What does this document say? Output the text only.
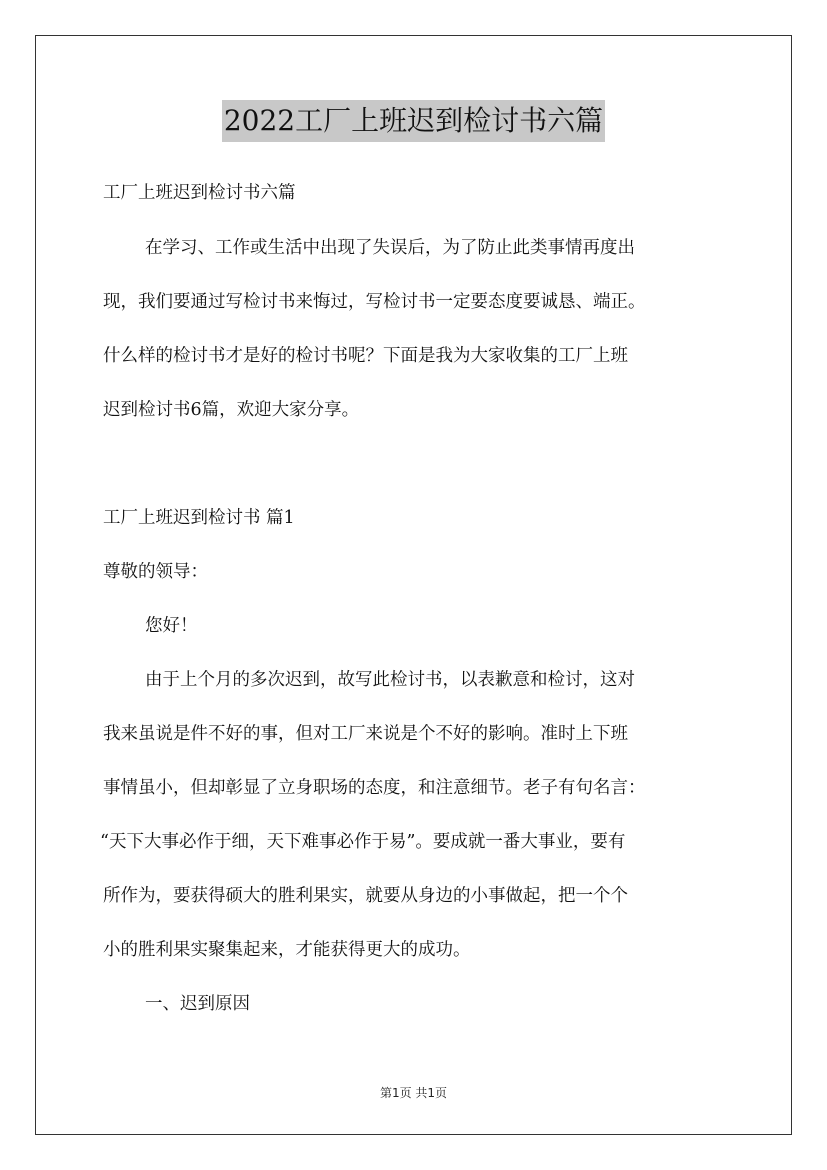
2022工厂上班迟到检讨书六篇
工厂上班迟到检讨书六篇
在学习、工作或生活中出现了失误后，为了防止此类事情再度出
现，我们要通过写检讨书来悔过，写检讨书一定要态度要诚恳、端正。
什么样的检讨书才是好的检讨书呢？下面是我为大家收集的工厂上班
迟到检讨书6篇，欢迎大家分享。
工厂上班迟到检讨书 篇1
尊敬的领导：
您好！
由于上个月的多次迟到，故写此检讨书，以表歉意和检讨，这对
我来虽说是件不好的事，但对工厂来说是个不好的影响。准时上下班
事情虽小，但却彰显了立身职场的态度，和注意细节。老子有句名言：
“天下大事必作于细，天下难事必作于易”。要成就一番大事业，要有
所作为，要获得硕大的胜利果实，就要从身边的小事做起，把一个个
小的胜利果实聚集起来，才能获得更大的成功。
一、迟到原因
第1页 共1页
